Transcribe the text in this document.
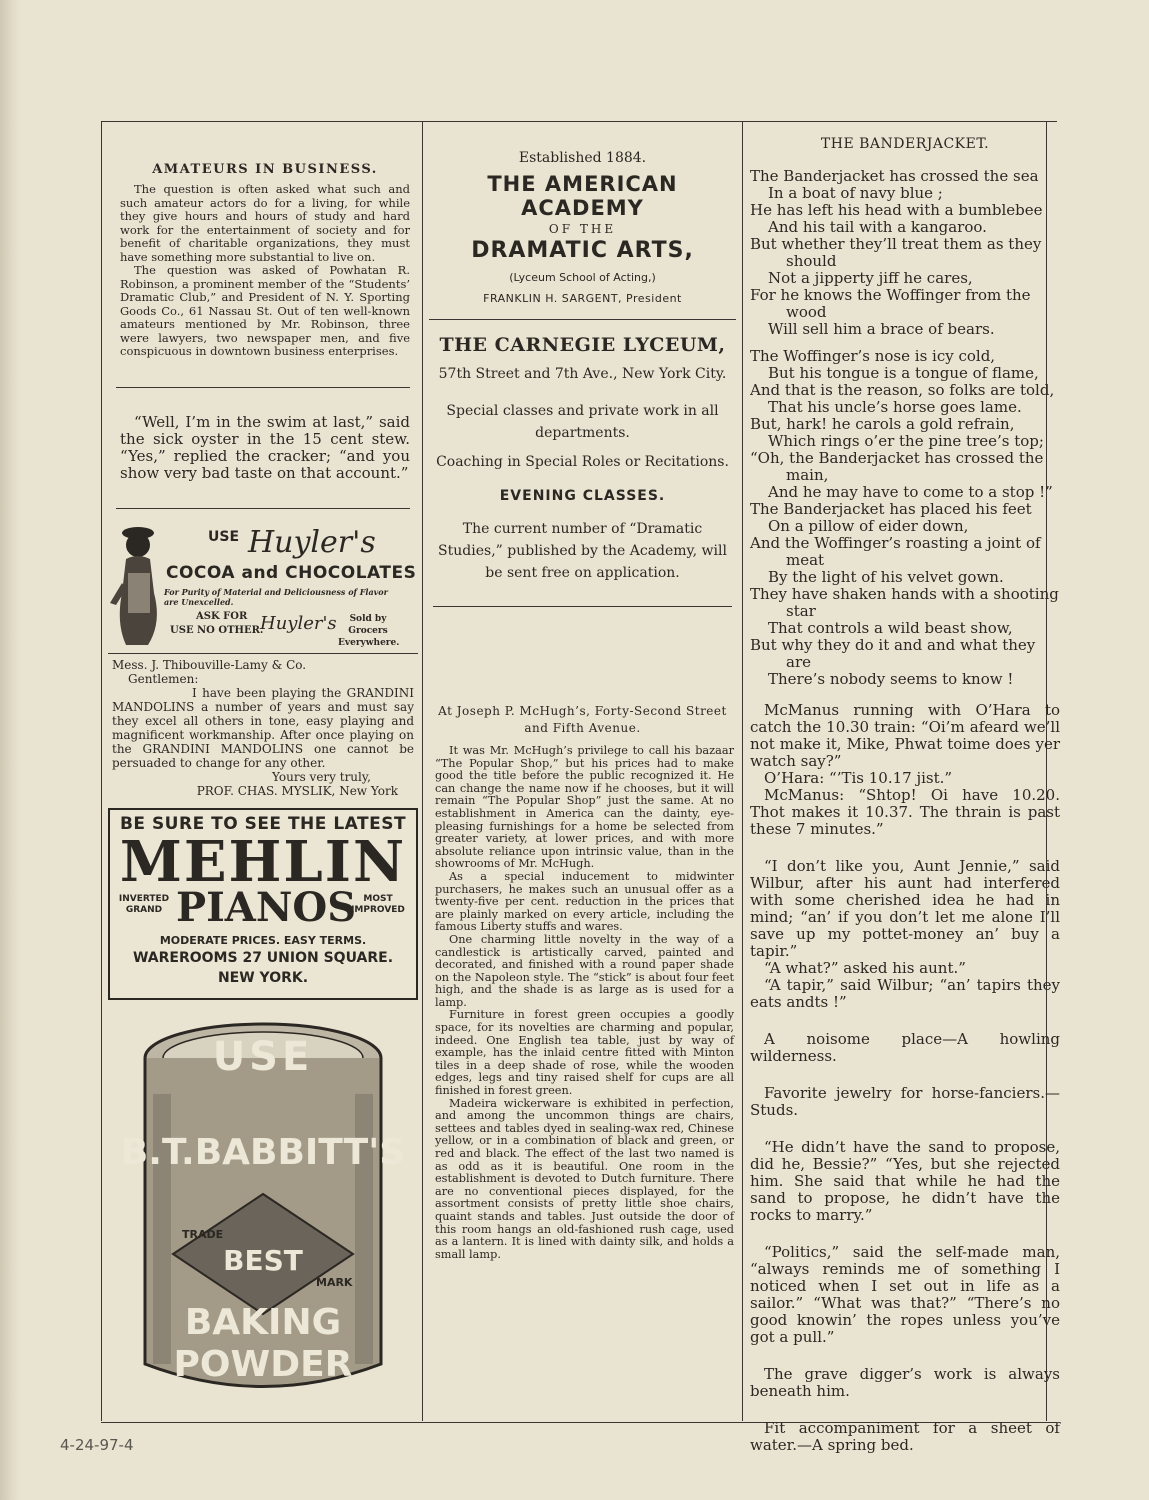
AMATEURS IN BUSINESS.

The question is often asked what such and such amateur actors do for a living, for while they give hours and hours of study and hard work for the entertainment of society and for benefit of charitable organizations, they must have something more substantial to live on.

The question was asked of Powhatan R. Robinson, a prominent member of the “Students’ Dramatic Club,” and President of N. Y. Sporting Goods Co., 61 Nassau St. Out of ten well-known amateurs mentioned by Mr. Robinson, three were lawyers, two newspaper men, and five conspicuous in downtown business enterprises.

“Well, I’m in the swim at last,” said the sick oyster in the 15 cent stew. “Yes,” replied the cracker; “and you show very bad taste on that account.”

USE Huyler's
COCOA and CHOCOLATES
For Purity of Material and Deliciousness of Flavor are Unexcelled.
ASK FOR
USE NO OTHER.
Huyler's	Sold by Grocers Everywhere.
Mess. J. Thibouville-Lamy & Co.
Gentlemen:

I have been playing the GRANDINI MANDOLINS a number of years and must say they excel all others in tone, easy playing and magnificent workmanship. After once playing on the GRANDINI MANDOLINS one cannot be persuaded to change for any other.

Yours very truly,
PROF. CHAS. MYSLIK, New York
BE SURE TO SEE THE LATEST
MEHLIN
INVERTED GRAND PIANOS MOST IMPROVED
MODERATE PRICES. EASY TERMS.
WAREROOMS 27 UNION SQUARE.
NEW YORK.
USE
B.T.BABBITT'S
TRADE
BEST
MARK
BAKING
POWDER
Established 1884.
THE AMERICAN ACADEMY
OF THE
DRAMATIC ARTS,
(Lyceum School of Acting,)
FRANKLIN H. SARGENT, President
THE CARNEGIE LYCEUM,
57th Street and 7th Ave., New York City.
Special classes and private work in all departments.
Coaching in Special Roles or Recitations.
EVENING CLASSES.
The current number of “Dramatic Studies,” published by the Academy, will be sent free on application.
At Joseph P. McHugh’s, Forty-Second Street and Fifth Avenue.

It was Mr. McHugh’s privilege to call his bazaar “The Popular Shop,” but his prices had to make good the title before the public recognized it. He can change the name now if he chooses, but it will remain “The Popular Shop” just the same. At no establishment in America can the dainty, eye-pleasing furnishings for a home be selected from greater variety, at lower prices, and with more absolute reliance upon intrinsic value, than in the showrooms of Mr. McHugh.

As a special inducement to midwinter purchasers, he makes such an unusual offer as a twenty-five per cent. reduction in the prices that are plainly marked on every article, including the famous Liberty stuffs and wares.

One charming little novelty in the way of a candlestick is artistically carved, painted and decorated, and finished with a round paper shade on the Napoleon style. The “stick” is about four feet high, and the shade is as large as is used for a lamp.

Furniture in forest green occupies a goodly space, for its novelties are charming and popular, indeed. One English tea table, just by way of example, has the inlaid centre fitted with Minton tiles in a deep shade of rose, while the wooden edges, legs and tiny raised shelf for cups are all finished in forest green.

Madeira wickerware is exhibited in perfection, and among the uncommon things are chairs, settees and tables dyed in sealing-wax red, Chinese yellow, or in a combination of black and green, or red and black. The effect of the last two named is as odd as it is beautiful. One room in the establishment is devoted to Dutch furniture. There are no conventional pieces displayed, for the assortment consists of pretty little shoe chairs, quaint stands and tables. Just outside the door of this room hangs an old-fashioned rush cage, used as a lantern. It is lined with dainty silk, and holds a small lamp.

THE BANDERJACKET.

The Banderjacket has crossed the sea

In a boat of navy blue ;

He has left his head with a bumblebee

And his tail with a kangaroo.

But whether they’ll treat them as they

should

Not a jipperty jiff he cares,

For he knows the Woffinger from the

wood

Will sell him a brace of bears.

The Woffinger’s nose is icy cold,

But his tongue is a tongue of flame,

And that is the reason, so folks are told,

That his uncle’s horse goes lame.

But, hark! he carols a gold refrain,

Which rings o’er the pine tree’s top;

“Oh, the Banderjacket has crossed the

main,

And he may have to come to a stop !”

The Banderjacket has placed his feet

On a pillow of eider down,

And the Woffinger’s roasting a joint of

meat

By the light of his velvet gown.

They have shaken hands with a shooting

star

That controls a wild beast show,

But why they do it and and what they

are

There’s nobody seems to know !

McManus running with O’Hara to catch the 10.30 train: “Oi’m afeard we’ll not make it, Mike, Phwat toime does yer watch say?”

O’Hara: “’Tis 10.17 jist.”

McManus: “Shtop! Oi have 10.20. Thot makes it 10.37. The thrain is past these 7 minutes.”

“I don’t like you, Aunt Jennie,” said Wilbur, after his aunt had interfered with some cherished idea he had in mind; “an’ if you don’t let me alone I’ll save up my pottet-money an’ buy a tapir.”

“A what?” asked his aunt.”

“A tapir,” said Wilbur; “an’ tapirs they eats andts !”

A noisome place—A howling wilderness.

Favorite jewelry for horse-fanciers.—Studs.

“He didn’t have the sand to propose, did he, Bessie?” “Yes, but she rejected him. She said that while he had the sand to propose, he didn’t have the rocks to marry.”

“Politics,” said the self-made man, “always reminds me of something I noticed when I set out in life as a sailor.” “What was that?” “There’s no good knowin’ the ropes unless you’ve got a pull.”

The grave digger’s work is always beneath him.

Fit accompaniment for a sheet of water.—A spring bed.

4-24-97-4
